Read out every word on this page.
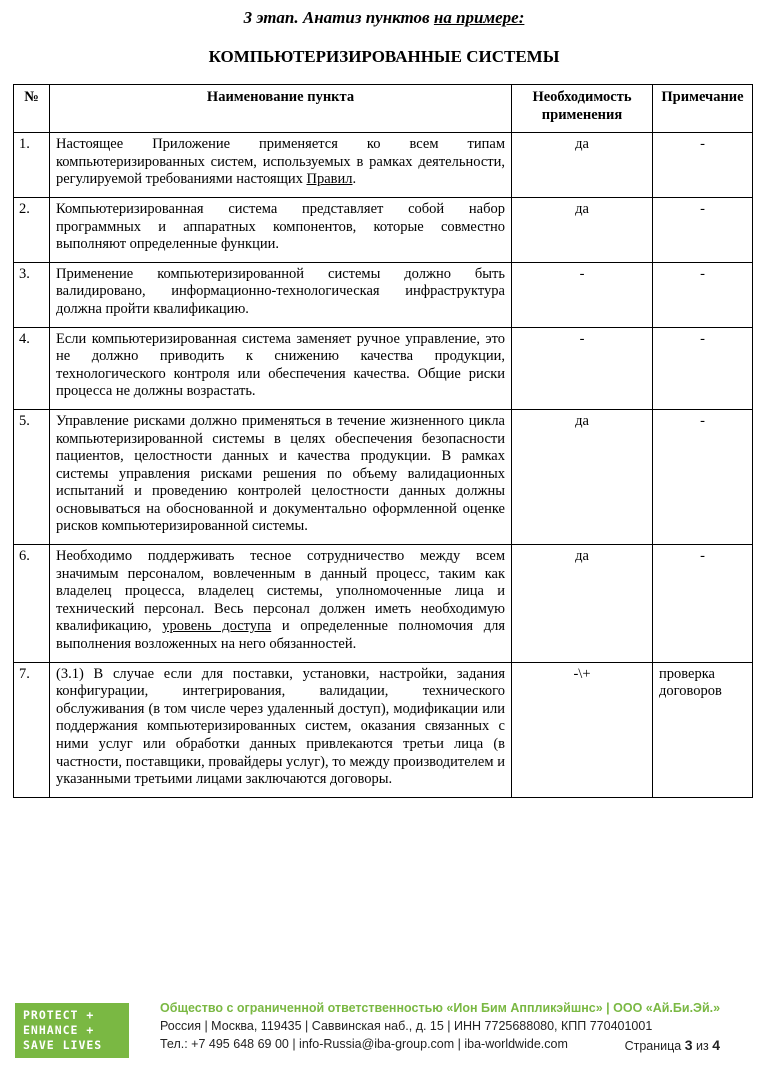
3 этап. Анатиз пунктов на примере:
КОМПЬЮТЕРИЗИРОВАННЫЕ СИСТЕМЫ
№	Наименование пункта	Необходимость применения	Примечание
1.	Настоящее Приложение применяется ко всем типам компьютеризированных систем, используемых в рамках деятельности, регулируемой требованиями настоящих Правил.	да	-
2.	Компьютеризированная система представляет собой набор программных и аппаратных компонентов, которые совместно выполняют определенные функции.	да	-
3.	Применение компьютеризированной системы должно быть валидировано, информационно-технологическая инфраструктура должна пройти квалификацию.	-	-
4.	Если компьютеризированная система заменяет ручное управление, это не должно приводить к снижению качества продукции, технологического контроля или обеспечения качества. Общие риски процесса не должны возрастать.	-	-
5.	Управление рисками должно применяться в течение жизненного цикла компьютеризированной системы в целях обеспечения безопасности пациентов, целостности данных и качества продукции. В рамках системы управления рисками решения по объему валидационных испытаний и проведению контролей целостности данных должны основываться на обоснованной и документально оформленной оценке рисков компьютеризированной системы.	да	-
6.	Необходимо поддерживать тесное сотрудничество между всем значимым персоналом, вовлеченным в данный процесс, таким как владелец процесса, владелец системы, уполномоченные лица и технический персонал. Весь персонал должен иметь необходимую квалификацию, уровень доступа и определенные полномочия для выполнения возложенных на него обязанностей.	да	-
7.	(3.1) В случае если для поставки, установки, настройки, задания конфигурации, интегрирования, валидации, технического обслуживания (в том числе через удаленный доступ), модификации или поддержания компьютеризированных систем, оказания связанных с ними услуг или обработки данных привлекаются третьи лица (в частности, поставщики, провайдеры услуг), то между производителем и указанными третьими лицами заключаются договоры.	-\+	проверка договоров
PROTECT +
ENHANCE +
SAVE LIVES
Общество с ограниченной ответственностью «Ион Бим Аппликэйшнс» | ООО «Ай.Би.Эй.»
Россия | Москва, 119435 | Саввинская наб., д. 15 | ИНН 7725688080, КПП 770401001
Тел.: +7 495 648 69 00 | info-Russia@iba-group.com | iba-worldwide.com	Страница 3 из 4
